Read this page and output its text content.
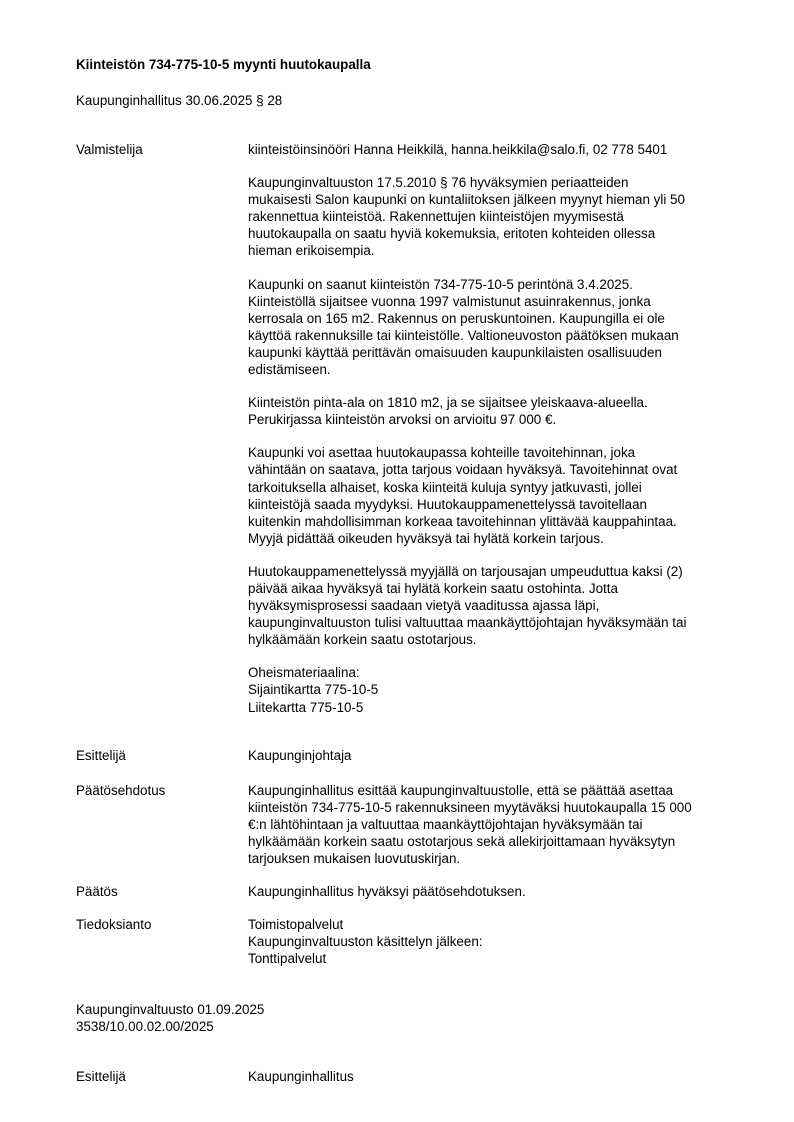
Kiinteistön 734-775-10-5 myynti huutokaupalla
Kaupunginhallitus 30.06.2025 § 28
Valmistelija	kiinteistöinsinööri Hanna Heikkilä, hanna.heikkila@salo.fi, 02 778 5401
Kaupunginvaltuuston 17.5.2010 § 76 hyväksymien periaatteiden
mukaisesti Salon kaupunki on kuntaliitoksen jälkeen myynyt hieman yli 50
rakennettua kiinteistöä. Rakennettujen kiinteistöjen myymisestä
huutokaupalla on saatu hyviä kokemuksia, eritoten kohteiden ollessa
hieman erikoisempia.
Kaupunki on saanut kiinteistön 734-775-10-5 perintönä 3.4.2025.
Kiinteistöllä sijaitsee vuonna 1997 valmistunut asuinrakennus, jonka
kerrosala on 165 m2. Rakennus on peruskuntoinen. Kaupungilla ei ole
käyttöä rakennuksille tai kiinteistölle. Valtioneuvoston päätöksen mukaan
kaupunki käyttää perittävän omaisuuden kaupunkilaisten osallisuuden
edistämiseen.
Kiinteistön pinta-ala on 1810 m2, ja se sijaitsee yleiskaava-alueella.
Perukirjassa kiinteistön arvoksi on arvioitu 97 000 €.
Kaupunki voi asettaa huutokaupassa kohteille tavoitehinnan, joka
vähintään on saatava, jotta tarjous voidaan hyväksyä. Tavoitehinnat ovat
tarkoituksella alhaiset, koska kiinteitä kuluja syntyy jatkuvasti, jollei
kiinteistöjä saada myydyksi. Huutokauppamenettelyssä tavoitellaan
kuitenkin mahdollisimman korkeaa tavoitehinnan ylittävää kauppahintaa.
Myyjä pidättää oikeuden hyväksyä tai hylätä korkein tarjous.
Huutokauppamenettelyssä myyjällä on tarjousajan umpeuduttua kaksi (2)
päivää aikaa hyväksyä tai hylätä korkein saatu ostohinta. Jotta
hyväksymisprosessi saadaan vietyä vaaditussa ajassa läpi,
kaupunginvaltuuston tulisi valtuuttaa maankäyttöjohtajan hyväksymään tai
hylkäämään korkein saatu ostotarjous.
Oheismateriaalina:
Sijaintikartta 775-10-5
Liitekartta 775-10-5
Esittelijä	Kaupunginjohtaja
Päätösehdotus	Kaupunginhallitus esittää kaupunginvaltuustolle, että se päättää asettaa
kiinteistön 734-775-10-5 rakennuksineen myytäväksi huutokaupalla 15 000
€:n lähtöhintaan ja valtuuttaa maankäyttöjohtajan hyväksymään tai
hylkäämään korkein saatu ostotarjous sekä allekirjoittamaan hyväksytyn
tarjouksen mukaisen luovutuskirjan.
Päätös	Kaupunginhallitus hyväksyi päätösehdotuksen.
Tiedoksianto	Toimistopalvelut
Kaupunginvaltuuston käsittelyn jälkeen:
Tonttipalvelut
Kaupunginvaltuusto 01.09.2025
3538/10.00.02.00/2025
Esittelijä	Kaupunginhallitus
